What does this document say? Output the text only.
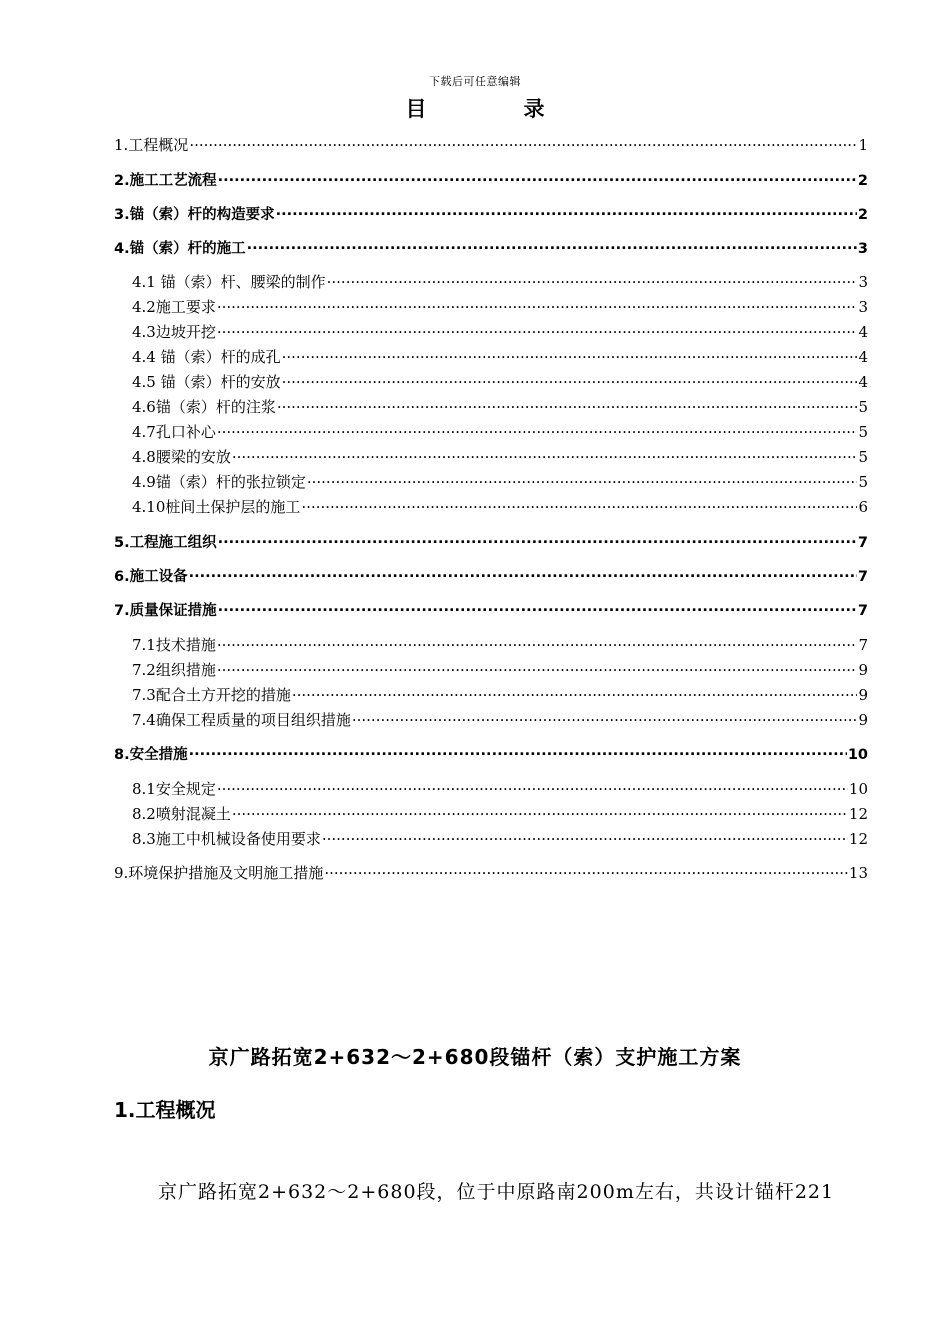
下载后可任意编辑
目　录
1.工程概况 .....	1
2.施工工艺流程 .....	2
3.锚（索）杆的构造要求 .....	2
4.锚（索）杆的施工 .....	3
4.1 锚（索）杆、腰梁的制作 .....	3
4.2施工要求 .....	3
4.3边坡开挖 .....	4
4.4 锚（索）杆的成孔 .....	4
4.5 锚（索）杆的安放 .....	4
4.6锚（索）杆的注浆 .....	5
4.7孔口补心 .....	5
4.8腰梁的安放 .....	5
4.9锚（索）杆的张拉锁定 .....	5
4.10桩间土保护层的施工 .....	6
5.工程施工组织 .....	7
6.施工设备 .....	7
7.质量保证措施 .....	7
7.1技术措施 .....	7
7.2组织措施 .....	9
7.3配合土方开挖的措施 .....	9
7.4确保工程质量的项目组织措施 .....	9
8.安全措施 .....	10
8.1安全规定 .....	10
8.2喷射混凝土 .....	12
8.3施工中机械设备使用要求 .....	12
9.环境保护措施及文明施工措施 .....	13
京广路拓宽2+632～2+680段锚杆（索）支护施工方案
1.工程概况
京广路拓宽2+632～2+680段，位于中原路南200m左右，共设计锚杆221
